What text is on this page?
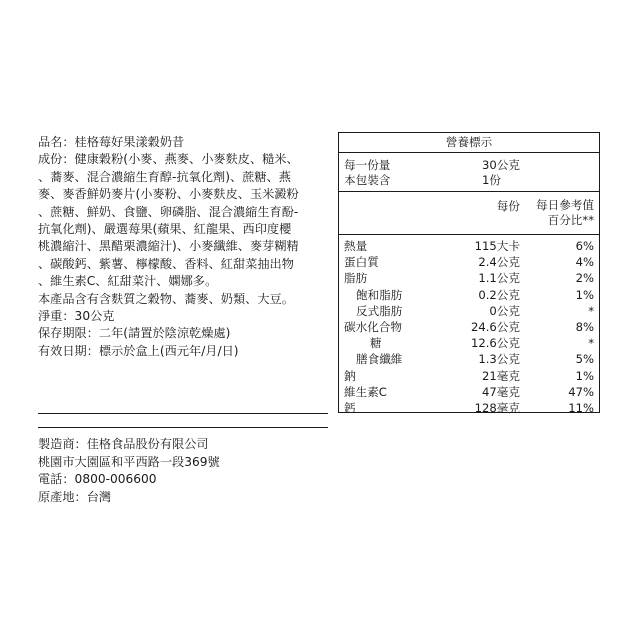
品名：桂格莓好果漾穀奶昔
成份：健康穀粉(小麥、燕麥、小麥麩皮、糙米、
、蕎麥、混合濃縮生育醇-抗氧化劑)、蔗糖、燕
麥、麥香鮮奶麥片(小麥粉、小麥麩皮、玉米澱粉
、蔗糖、鮮奶、食鹽、卵磷脂、混合濃縮生育酚-
抗氧化劑)、嚴選莓果(蘋果、紅龍果、西印度櫻
桃濃縮汁、黑醋栗濃縮汁)、小麥纖維、麥芽糊精
、碳酸鈣、紫薯、檸檬酸、香料、紅甜菜抽出物
、維生素C、紅甜菜汁、嫻娜多。
本產品含有含麩質之穀物、蕎麥、奶類、大豆。
淨重：30公克
保存期限：二年(請置於陰涼乾燥處)
有效日期：標示於盒上(西元年/月/日)
製造商：佳格食品股份有限公司
桃園市大園區和平西路一段369號
電話：0800-006600
原產地：台灣
營養標示
每一份量	30公克
本包裝含	1份
每份	每日參考值
百分比**
熱量	115大卡	6%
蛋白質	2.4公克	4%
脂肪	1.1公克	2%
飽和脂肪	0.2公克	1%
反式脂肪	0公克	*
碳水化合物	24.6公克	8%
糖	12.6公克	*
膳食纖維	1.3公克	5%
鈉	21毫克	1%
維生素C	47毫克	47%
鈣	128毫克	11%
